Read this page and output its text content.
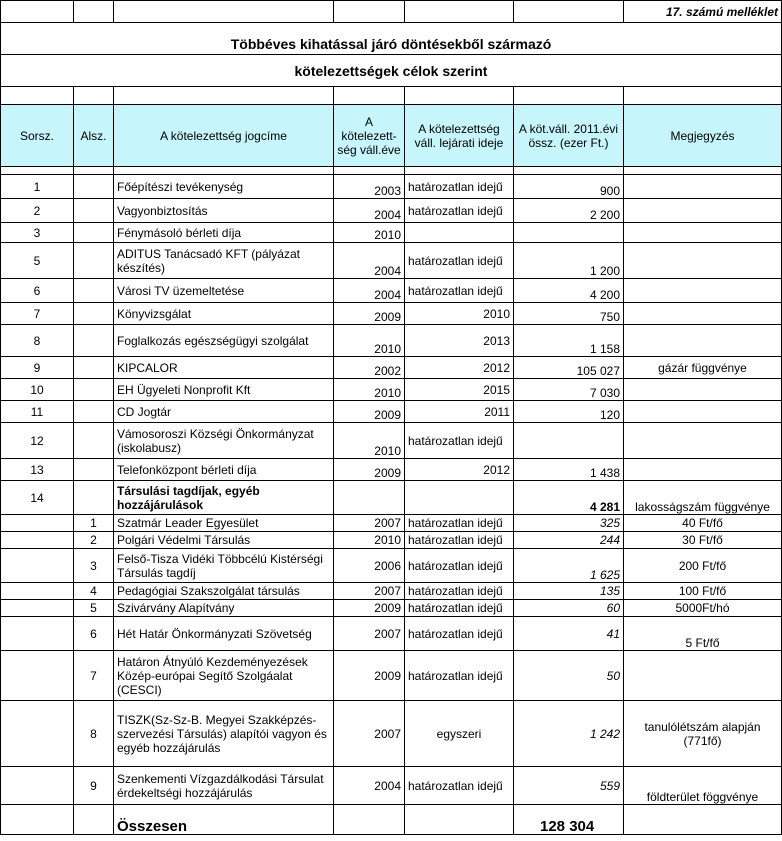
						17. számú melléklet
Többéves kihatással járó döntésekből származó						
kötelezettségek célok szerint						

Sorsz.	Alsz.	A kötelezettség jogcíme	A kötelezett-ség váll.éve	A kötelezettség váll. lejárati ideje	A köt.váll. 2011.évi össz. (ezer Ft.)	Megjegyzés

1		Főépítészi tevékenység	2003	határozatlan idejű	900	
2		Vagyonbiztosítás	2004	határozatlan idejű	2 200	
3		Fénymásoló bérleti díja	2010			
5		ADITUS Tanácsadó KFT (pályázat készítés)	2004	határozatlan idejű	1 200	
6		Városi TV üzemeltetése	2004	határozatlan idejű	4 200	
7		Könyvizsgálat	2009	2010	750	
8		Foglalkozás egészségügyi szolgálat	2010	2013	1 158	
9		KIPCALOR	2002	2012	105 027	gázár függvénye
10		EH Ügyeleti Nonprofit Kft	2010	2015	7 030	
11		CD Jogtár	2009	2011	120	
12		Vámosoroszi Községi Önkormányzat (iskolabusz)	2010	határozatlan idejű		
13		Telefonközpont bérleti díja	2009	2012	1 438	
14		Társulási tagdíjak, egyéb hozzájárulások			4 281	lakosságszám függvénye
	1	Szatmár Leader Egyesület	2007	határozatlan idejű	325	40 Ft/fő
	2	Polgári Védelmi Társulás	2010	határozatlan idejű	244	30 Ft/fő
	3	Felső-Tisza Vidéki Többcélú Kistérségi Társulás tagdíj	2006	határozatlan idejű	1 625	200 Ft/fő
	4	Pedagógiai Szakszolgálat társulás	2007	határozatlan idejű	135	100 Ft/fő
	5	Szivárvány Alapítvány	2009	határozatlan idejű	60	5000Ft/hó
	6	Hét Határ Önkormányzati Szövetség	2007	határozatlan idejű	41	5 Ft/fő
	7	Határon Átnyúló Kezdeményezések Közép-európai Segítő Szolgáalat (CESCI)	2009	határozatlan idejű	50	
	8	TISZK(Sz-Sz-B. Megyei Szakképzés-szervezési Társulás) alapítói vagyon és egyéb hozzájárulás	2007	egyszeri	1 242	tanulólétszám alapján (771fő)
	9	Szenkementi Vízgazdálkodási Társulat érdekeltségi hozzájárulás	2004	határozatlan idejű	559	földterület föggvénye
		Összesen			128 304	
